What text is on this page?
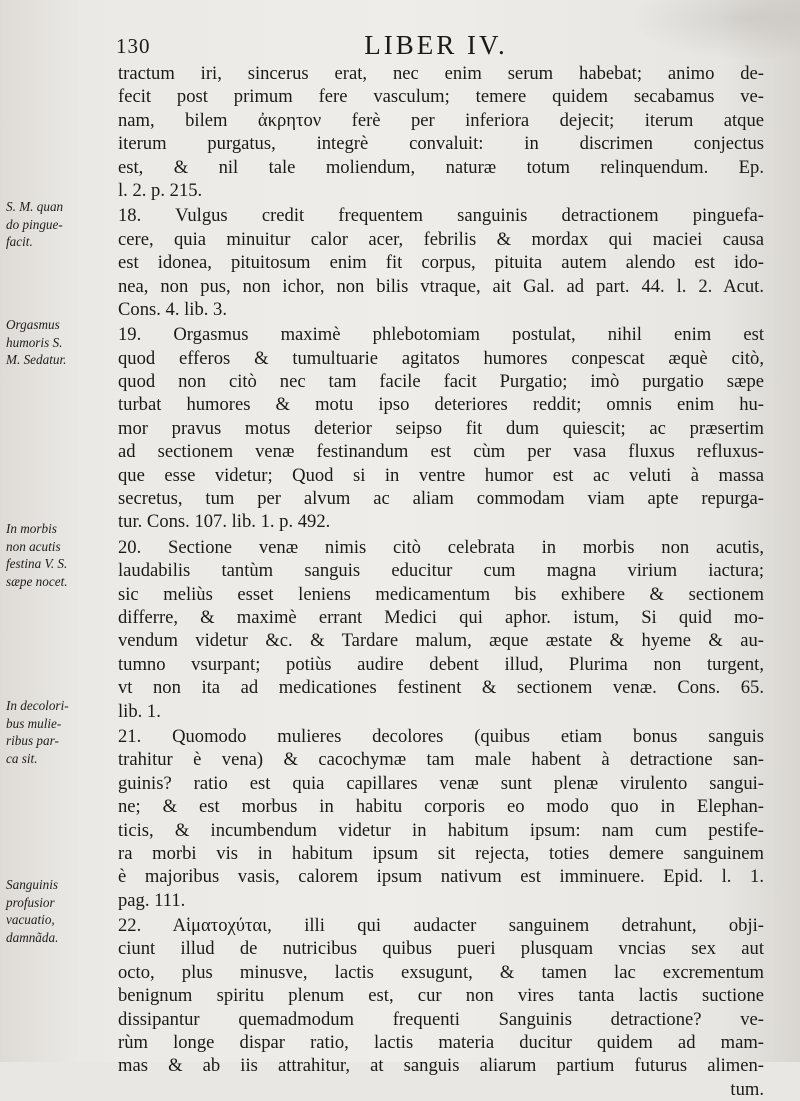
130	LIBER IV.
tractum iri, sincerus erat, nec enim serum habebat; animo de-
fecit post primum fere vasculum; temere quidem secabamus ve-
nam, bilem ἀκρητον ferè per inferiora dejecit; iterum atque
iterum purgatus, integrè convaluit: in discrimen conjectus
est, & nil tale moliendum, naturæ totum relinquendum. Ep.
l. 2. p. 215.
18. Vulgus credit frequentem sanguinis detractionem pinguefa-
cere, quia minuitur calor acer, febrilis & mordax qui maciei causa
est idonea, pituitosum enim fit corpus, pituita autem alendo est ido-
nea, non pus, non ichor, non bilis vtraque, ait Gal. ad part. 44. l. 2. Acut.
Cons. 4. lib. 3.
19. Orgasmus maximè phlebotomiam postulat, nihil enim est
quod efferos & tumultuarie agitatos humores conpescat æquè citò,
quod non citò nec tam facile facit Purgatio; imò purgatio sæpe
turbat humores & motu ipso deteriores reddit; omnis enim hu-
mor pravus motus deterior seipso fit dum quiescit; ac præsertim
ad sectionem venæ festinandum est cùm per vasa fluxus refluxus-
que esse videtur; Quod si in ventre humor est ac veluti à massa
secretus, tum per alvum ac aliam commodam viam apte repurga-
tur. Cons. 107. lib. 1. p. 492.
20. Sectione venæ nimis citò celebrata in morbis non acutis,
laudabilis tantùm sanguis educitur cum magna virium iactura;
sic meliùs esset leniens medicamentum bis exhibere & sectionem
differre, & maximè errant Medici qui aphor. istum, Si quid mo-
vendum videtur &c. & Tardare malum, æque æstate & hyeme & au-
tumno vsurpant; potiùs audire debent illud, Plurima non turgent,
vt non ita ad medicationes festinent & sectionem venæ. Cons. 65.
lib. 1.
21. Quomodo mulieres decolores (quibus etiam bonus sanguis
trahitur è vena) & cacochymæ tam male habent à detractione san-
guinis? ratio est quia capillares venæ sunt plenæ virulento sangui-
ne; & est morbus in habitu corporis eo modo quo in Elephan-
ticis, & incumbendum videtur in habitum ipsum: nam cum pestife-
ra morbi vis in habitum ipsum sit rejecta, toties demere sanguinem
è majoribus vasis, calorem ipsum nativum est imminuere. Epid. l. 1.
pag. 111.
22. Αἱματοχύται, illi qui audacter sanguinem detrahunt, obji-
ciunt illud de nutricibus quibus pueri plusquam vncias sex aut
octo, plus minusve, lactis exsugunt, & tamen lac excrementum
benignum spiritu plenum est, cur non vires tanta lactis suctione
dissipantur quemadmodum frequenti Sanguinis detractione? ve-
rùm longe dispar ratio, lactis materia ducitur quidem ad mam-
mas & ab iis attrahitur, at sanguis aliarum partium futurus alimen-
tum.
S. M. quan
do pingue-
facit.
Orgasmus
humoris S.
M. Sedatur.
In morbis
non acutis
festina V. S.
sæpe nocet.
In decolori-
bus mulie-
ribus par-
ca sit.
Sanguinis
profusior
vacuatio,
damnãda.
